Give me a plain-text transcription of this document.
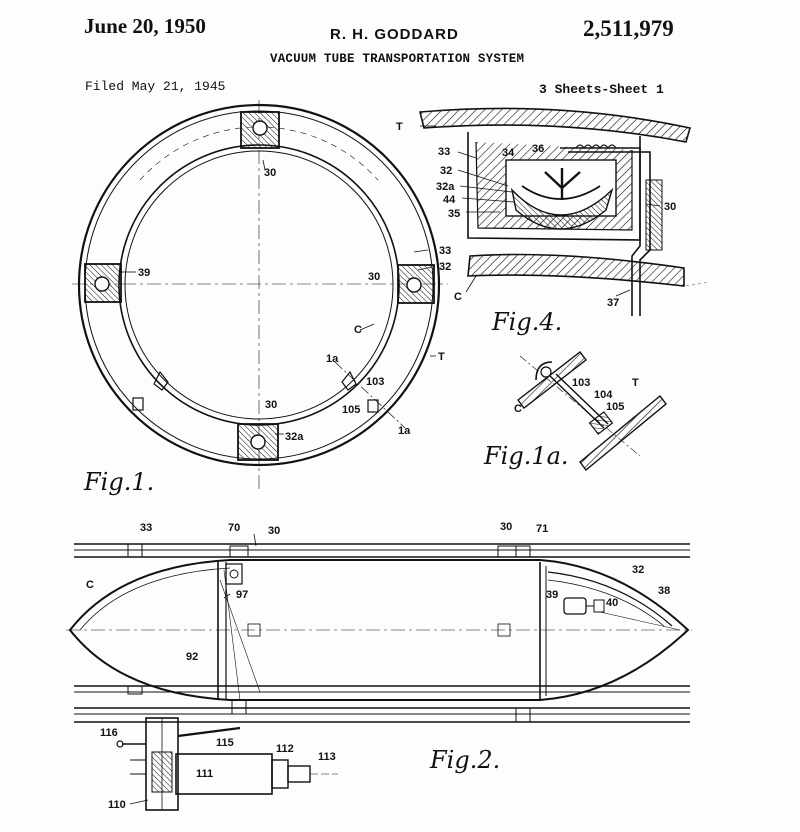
June 20, 1950	R. H. GODDARD	2,511,979
VACUUM TUBE TRANSPORTATION SYSTEM
Filed May 21, 1945	3 Sheets-Sheet 1
30
39	30
33
32
C
T
1a
103
105
1a
30
32a
Fig.1.
T
33
32
32a
44
35
34 36
30
C	37
Fig.4.
C
103
104
105
T
Fig.1a.
33	70	30	30 71
32
C
97
92
39
40
38
116
115	112
113
111
110
Fig.2.
